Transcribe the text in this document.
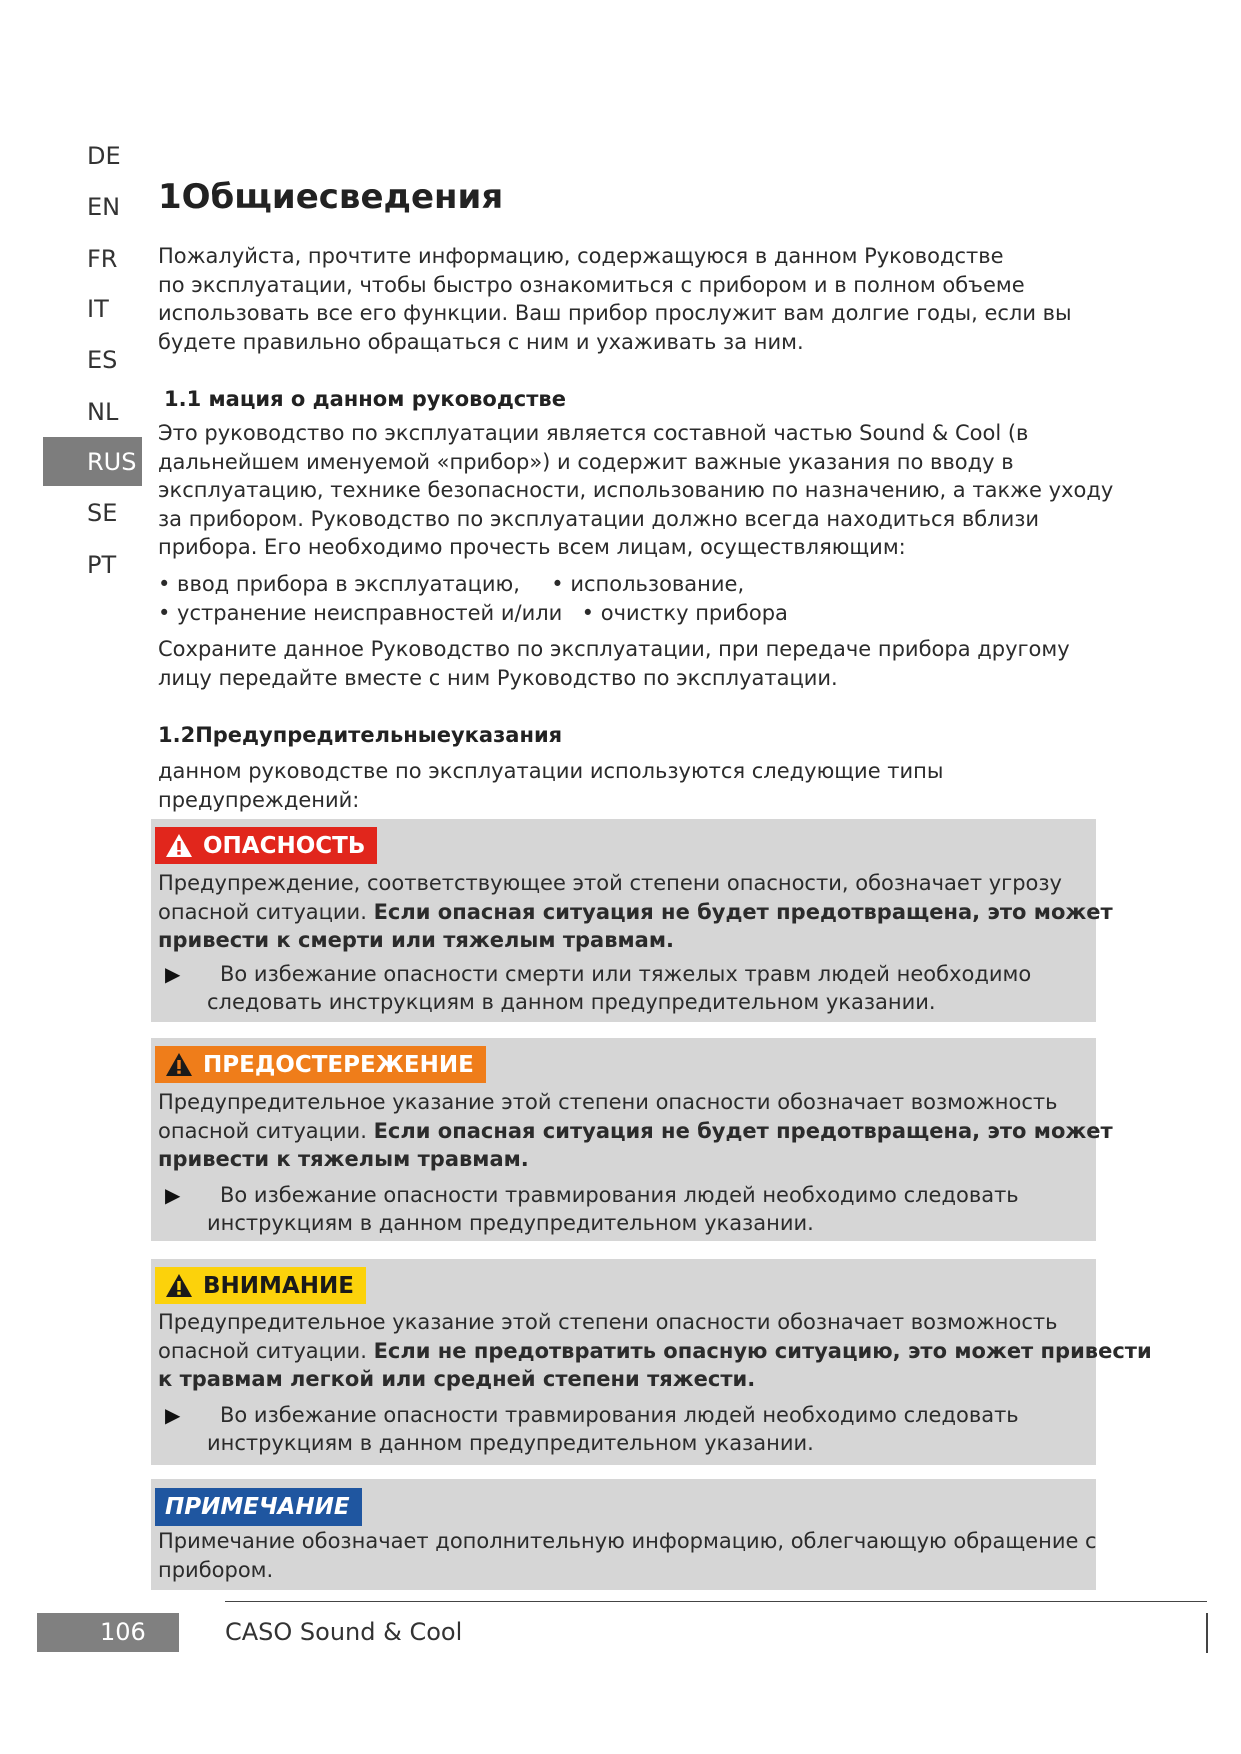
DE
EN
FR
IT
ES
NL
RUS
SE
PT
1Общиесведения
Пожалуйста, прочтите информацию, содержащуюся в данном Руководстве
по эксплуатации, чтобы быстро ознакомиться с прибором и в полном объеме
использовать все его функции. Ваш прибор прослужит вам долгие годы, если вы
будете правильно обращаться с ним и ухаживать за ним.
1.1 мация о данном руководстве
Это руководство по эксплуатации является составной частью Sound & Cool (в
дальнейшем именуемой «прибор») и содержит важные указания по вводу в
эксплуатацию, технике безопасности, использованию по назначению, а также уходу
за прибором. Руководство по эксплуатации должно всегда находиться вблизи
прибора. Его необходимо прочесть всем лицам, осуществляющим:
• ввод прибора в эксплуатацию, • использование,
• устранение неисправностей и/или • очистку прибора
Сохраните данное Руководство по эксплуатации, при передаче прибора другому
лицу передайте вместе с ним Руководство по эксплуатации.
1.2Предупредительныеуказания
данном руководстве по эксплуатации используются следующие типы
предупреждений:
ОПАСНОСТЬ
Предупреждение, соответствующее этой степени опасности, обозначает угрозу
опасной ситуации. Если опасная ситуация не будет предотвращена, это может
привести к смерти или тяжелым травмам.
▶	Во избежание опасности смерти или тяжелых травм людей необходимо
следовать инструкциям в данном предупредительном указании.
ПРЕДОСТЕРЕЖЕНИЕ
Предупредительное указание этой степени опасности обозначает возможность
опасной ситуации. Если опасная ситуация не будет предотвращена, это может
привести к тяжелым травмам.
▶	Во избежание опасности травмирования людей необходимо следовать
инструкциям в данном предупредительном указании.
ВНИМАНИЕ
Предупредительное указание этой степени опасности обозначает возможность
опасной ситуации. Если не предотвратить опасную ситуацию, это может привести
к травмам легкой или средней степени тяжести.
▶	Во избежание опасности травмирования людей необходимо следовать
инструкциям в данном предупредительном указании.
ПРИМЕЧАНИЕ
Примечание обозначает дополнительную информацию, облегчающую обращение с
прибором.
106	CASO Sound & Cool
